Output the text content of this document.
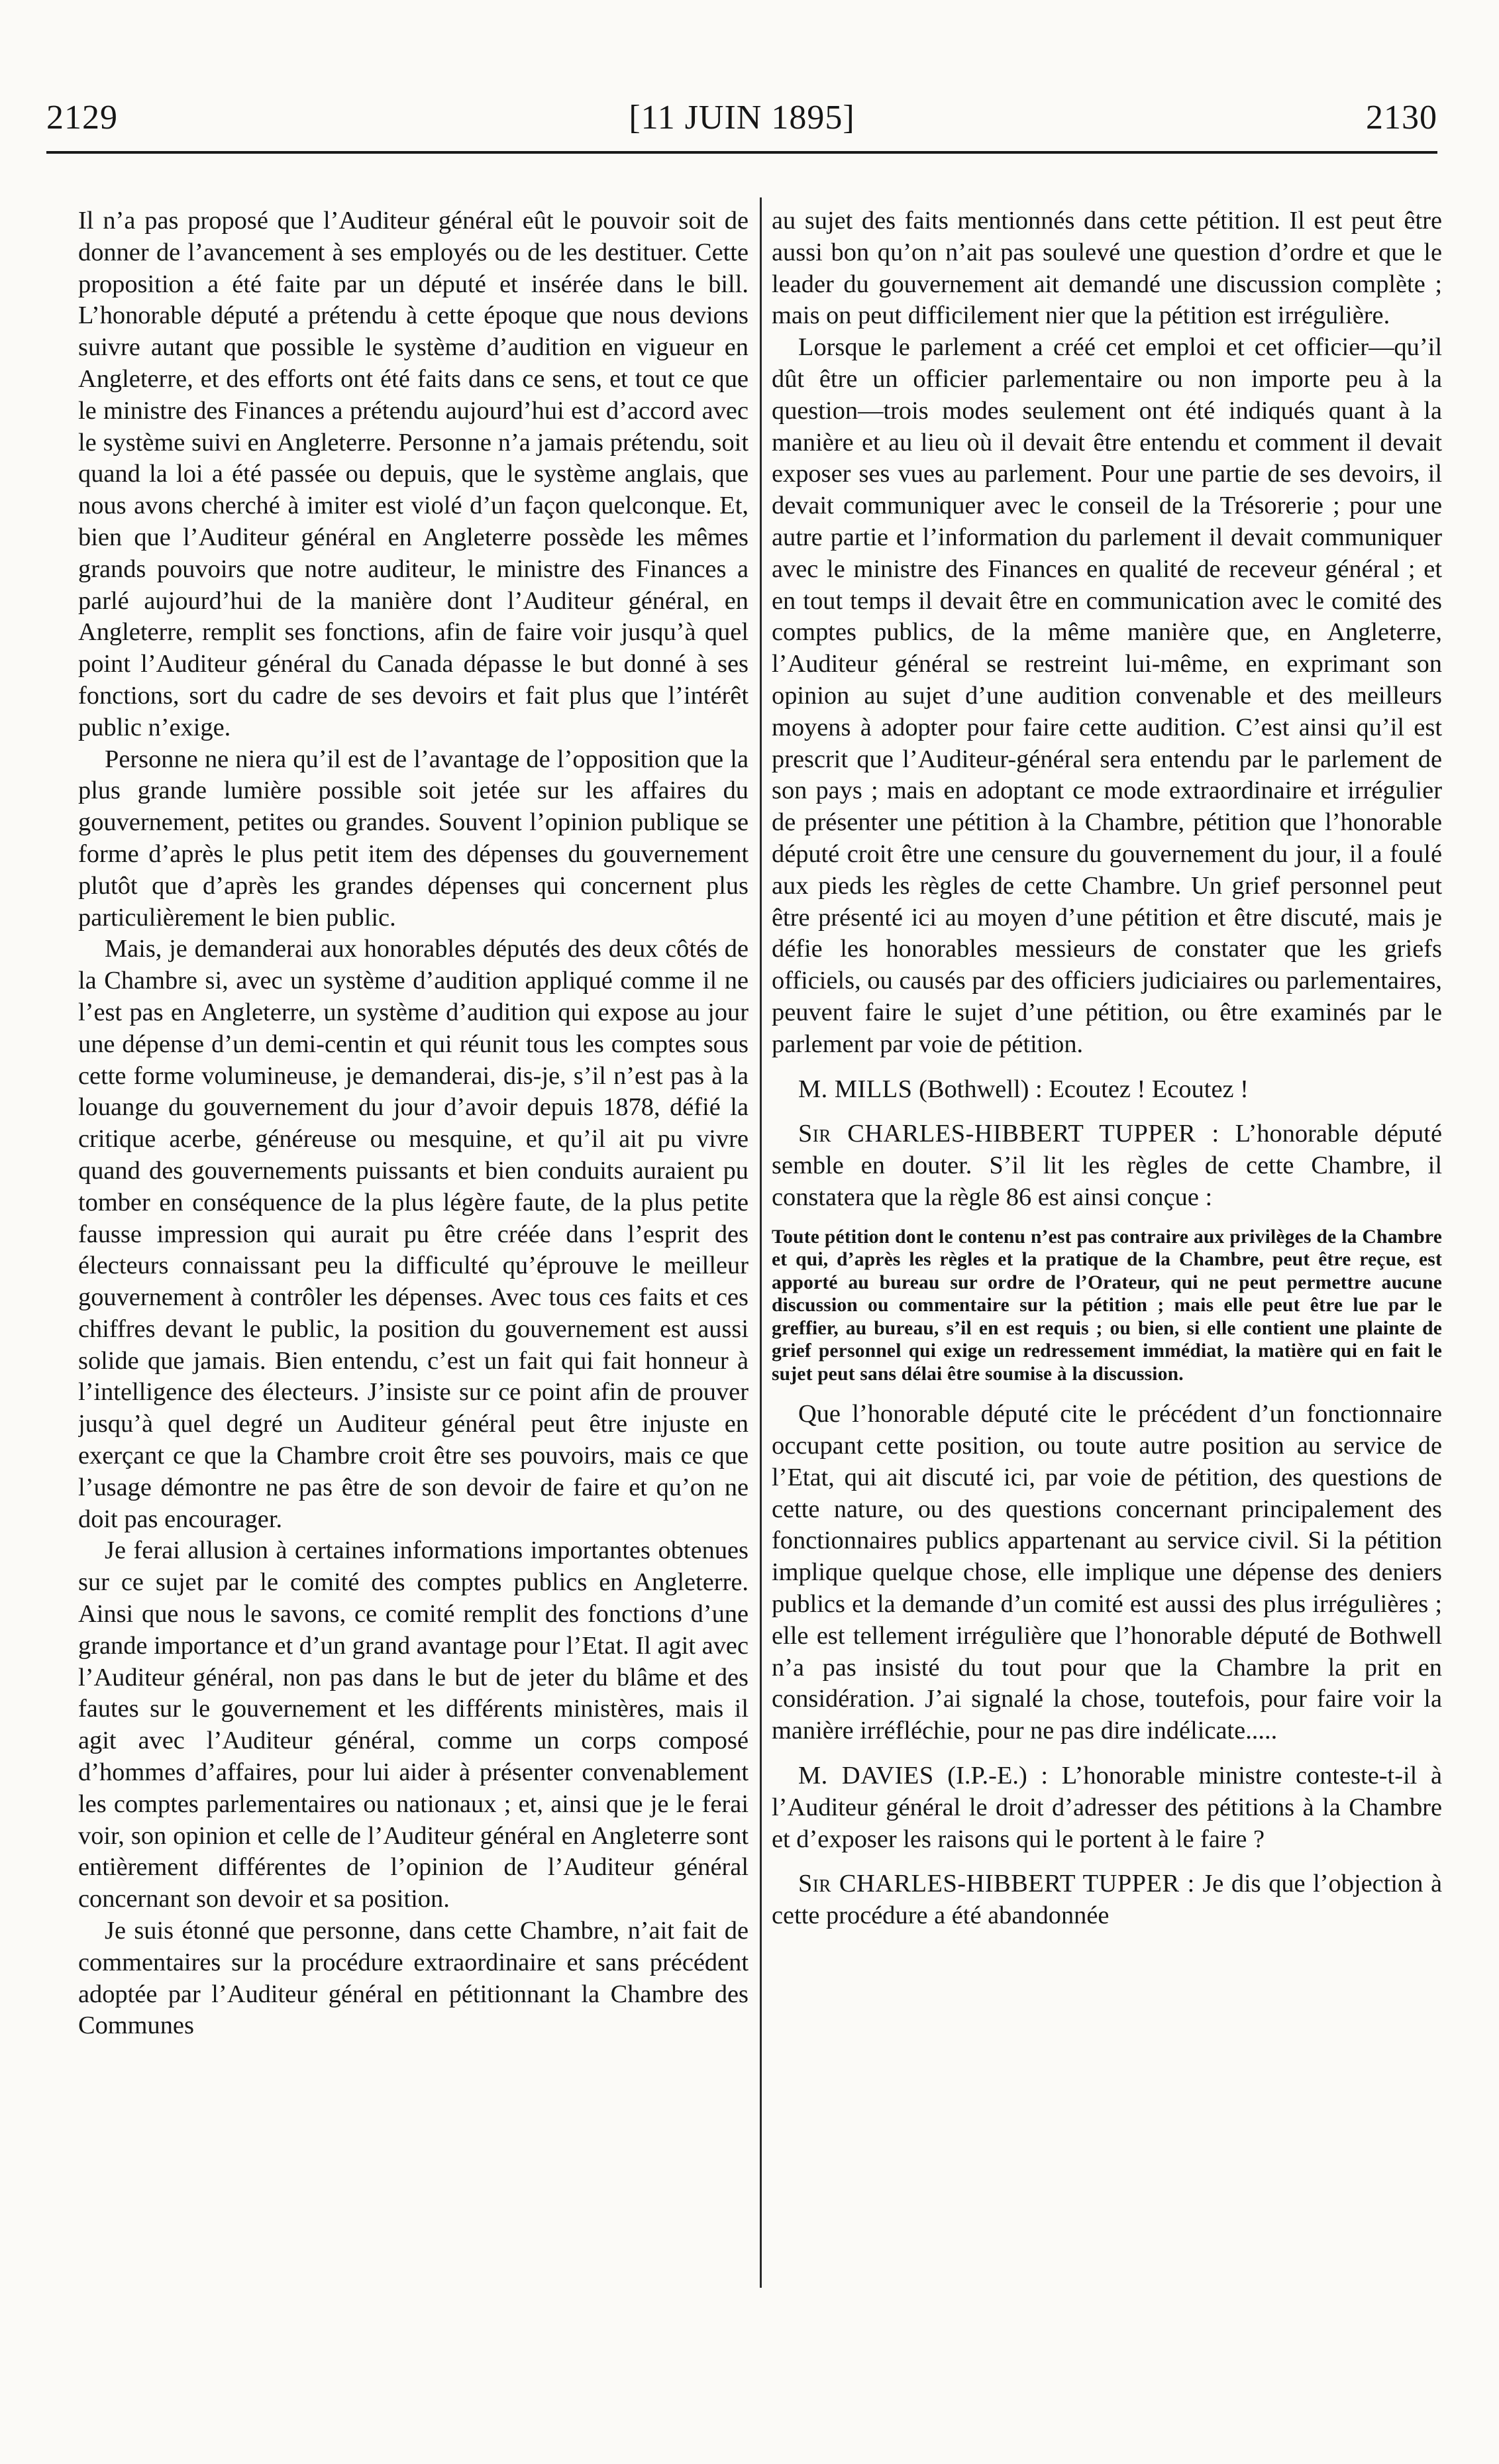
2129	[11 JUIN 1895]	2130

Il n’a pas proposé que l’Auditeur général eût le pouvoir soit de donner de l’avancement à ses employés ou de les destituer. Cette proposition a été faite par un député et insérée dans le bill. L’honorable député a prétendu à cette époque que nous devions suivre autant que possible le système d’audition en vigueur en Angleterre, et des efforts ont été faits dans ce sens, et tout ce que le ministre des Finances a prétendu aujourd’hui est d’accord avec le système suivi en Angleterre. Personne n’a jamais prétendu, soit quand la loi a été passée ou depuis, que le système anglais, que nous avons cherché à imiter est violé d’un façon quelconque. Et, bien que l’Auditeur général en Angleterre possède les mêmes grands pouvoirs que notre auditeur, le ministre des Finances a parlé aujourd’hui de la manière dont l’Auditeur général, en Angleterre, remplit ses fonctions, afin de faire voir jusqu’à quel point l’Auditeur général du Canada dépasse le but donné à ses fonctions, sort du cadre de ses devoirs et fait plus que l’intérêt public n’exige.

Personne ne niera qu’il est de l’avantage de l’opposition que la plus grande lumière possible soit jetée sur les affaires du gouvernement, petites ou grandes. Souvent l’opinion publique se forme d’après le plus petit item des dépenses du gouvernement plutôt que d’après les grandes dépenses qui concernent plus particulièrement le bien public.

Mais, je demanderai aux honorables députés des deux côtés de la Chambre si, avec un système d’audition appliqué comme il ne l’est pas en Angleterre, un système d’audition qui expose au jour une dépense d’un demi-centin et qui réunit tous les comptes sous cette forme volumineuse, je demanderai, dis-je, s’il n’est pas à la louange du gouvernement du jour d’avoir depuis 1878, défié la critique acerbe, généreuse ou mesquine, et qu’il ait pu vivre quand des gouvernements puissants et bien conduits auraient pu tomber en conséquence de la plus légère faute, de la plus petite fausse impression qui aurait pu être créée dans l’esprit des électeurs connaissant peu la difficulté qu’éprouve le meilleur gouvernement à contrôler les dépenses. Avec tous ces faits et ces chiffres devant le public, la position du gouvernement est aussi solide que jamais. Bien entendu, c’est un fait qui fait honneur à l’intelligence des électeurs. J’insiste sur ce point afin de prouver jusqu’à quel degré un Auditeur général peut être injuste en exerçant ce que la Chambre croit être ses pouvoirs, mais ce que l’usage démontre ne pas être de son devoir de faire et qu’on ne doit pas encourager.

Je ferai allusion à certaines informations importantes obtenues sur ce sujet par le comité des comptes publics en Angleterre. Ainsi que nous le savons, ce comité remplit des fonctions d’une grande importance et d’un grand avantage pour l’Etat. Il agit avec l’Auditeur général, non pas dans le but de jeter du blâme et des fautes sur le gouvernement et les différents ministères, mais il agit avec l’Auditeur général, comme un corps composé d’hommes d’affaires, pour lui aider à présenter convenablement les comptes parlementaires ou nationaux ; et, ainsi que je le ferai voir, son opinion et celle de l’Auditeur général en Angleterre sont entièrement différentes de l’opinion de l’Auditeur général concernant son devoir et sa position.

Je suis étonné que personne, dans cette Chambre, n’ait fait de commentaires sur la procédure extraordinaire et sans précédent adoptée par l’Auditeur général en pétitionnant la Chambre des Communes

au sujet des faits mentionnés dans cette pétition. Il est peut être aussi bon qu’on n’ait pas soulevé une question d’ordre et que le leader du gouvernement ait demandé une discussion complète ; mais on peut difficilement nier que la pétition est irrégulière.

Lorsque le parlement a créé cet emploi et cet officier—qu’il dût être un officier parlementaire ou non importe peu à la question—trois modes seulement ont été indiqués quant à la manière et au lieu où il devait être entendu et comment il devait exposer ses vues au parlement. Pour une partie de ses devoirs, il devait communiquer avec le conseil de la Trésorerie ; pour une autre partie et l’information du parlement il devait communiquer avec le ministre des Finances en qualité de receveur général ; et en tout temps il devait être en communication avec le comité des comptes publics, de la même manière que, en Angleterre, l’Auditeur général se restreint lui-même, en exprimant son opinion au sujet d’une audition convenable et des meilleurs moyens à adopter pour faire cette audition. C’est ainsi qu’il est prescrit que l’Auditeur-général sera entendu par le parlement de son pays ; mais en adoptant ce mode extraordinaire et irrégulier de présenter une pétition à la Chambre, pétition que l’honorable député croit être une censure du gouvernement du jour, il a foulé aux pieds les règles de cette Chambre. Un grief personnel peut être présenté ici au moyen d’une pétition et être discuté, mais je défie les honorables messieurs de constater que les griefs officiels, ou causés par des officiers judiciaires ou parlementaires, peuvent faire le sujet d’une pétition, ou être examinés par le parlement par voie de pétition.

M. MILLS (Bothwell) : Ecoutez ! Ecoutez !

Sir CHARLES-HIBBERT TUPPER : L’honorable député semble en douter. S’il lit les règles de cette Chambre, il constatera que la règle 86 est ainsi conçue :

Toute pétition dont le contenu n’est pas contraire aux privilèges de la Chambre et qui, d’après les règles et la pratique de la Chambre, peut être reçue, est apporté au bureau sur ordre de l’Orateur, qui ne peut permettre aucune discussion ou commentaire sur la pétition ; mais elle peut être lue par le greffier, au bureau, s’il en est requis ; ou bien, si elle contient une plainte de grief personnel qui exige un redressement immédiat, la matière qui en fait le sujet peut sans délai être soumise à la discussion.

Que l’honorable député cite le précédent d’un fonctionnaire occupant cette position, ou toute autre position au service de l’Etat, qui ait discuté ici, par voie de pétition, des questions de cette nature, ou des questions concernant principalement des fonctionnaires publics appartenant au service civil. Si la pétition implique quelque chose, elle implique une dépense des deniers publics et la demande d’un comité est aussi des plus irrégulières ; elle est tellement irrégulière que l’honorable député de Bothwell n’a pas insisté du tout pour que la Chambre la prit en considération. J’ai signalé la chose, toutefois, pour faire voir la manière irréfléchie, pour ne pas dire indélicate.....

M. DAVIES (I.P.-E.) : L’honorable ministre conteste-t-il à l’Auditeur général le droit d’adresser des pétitions à la Chambre et d’exposer les raisons qui le portent à le faire ?

Sir CHARLES-HIBBERT TUPPER : Je dis que l’objection à cette procédure a été abandonnée
